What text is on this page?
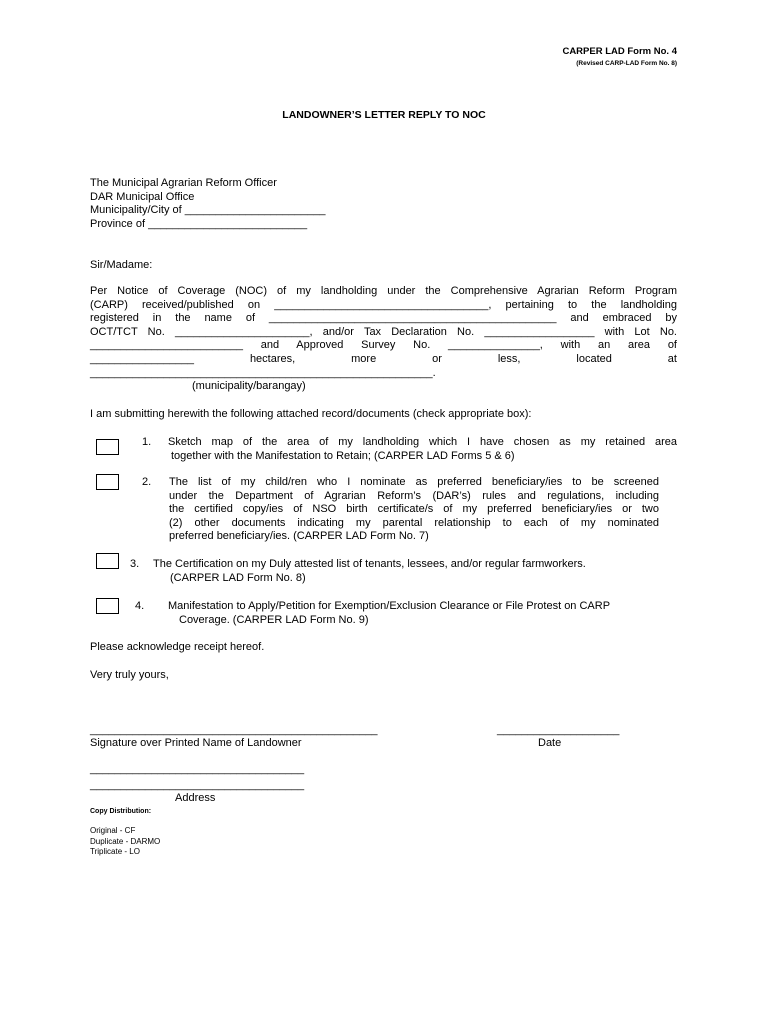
CARPER LAD Form No. 4
(Revised CARP-LAD Form No. 8)
LANDOWNER’S LETTER REPLY TO NOC
The Municipal Agrarian Reform Officer
DAR Municipal Office
Municipality/City of _______________________
Province of __________________________
Sir/Madame:
Per Notice of Coverage (NOC) of my landholding under the Comprehensive Agrarian Reform Program
(CARP) received/published on ___________________________________, pertaining to the landholding
registered in the name of _______________________________________________ and embraced by
OCT/TCT No. ______________________, and/or Tax Declaration No. __________________ with Lot No.
_________________________ and Approved Survey No. _______________, with an area of
_________________ hectares, more or less, located at
________________________________________________________.
(municipality/barangay)
I am submitting herewith the following attached record/documents (check appropriate box):
1. Sketch map of the area of my landholding which I have chosen as my retained area
together with the Manifestation to Retain; (CARPER LAD Forms 5 & 6)
2. The list of my child/ren who I nominate as preferred beneficiary/ies to be screened
under the Department of Agrarian Reform’s (DAR’s) rules and regulations, including
the certified copy/ies of NSO birth certificate/s of my preferred beneficiary/ies or two
(2) other documents indicating my parental relationship to each of my nominated
preferred beneficiary/ies. (CARPER LAD Form No. 7)
3. The Certification on my Duly attested list of tenants, lessees, and/or regular farmworkers.
(CARPER LAD Form No. 8)
4. Manifestation to Apply/Petition for Exemption/Exclusion Clearance or File Protest on CARP
Coverage. (CARPER LAD Form No. 9)
Please acknowledge receipt hereof.
Very truly yours,
_______________________________________________
Signature over Printed Name of Landowner
____________________
Date
___________________________________
___________________________________
Address
Copy Distribution:
Original - CF
Duplicate - DARMO
Triplicate - LO
